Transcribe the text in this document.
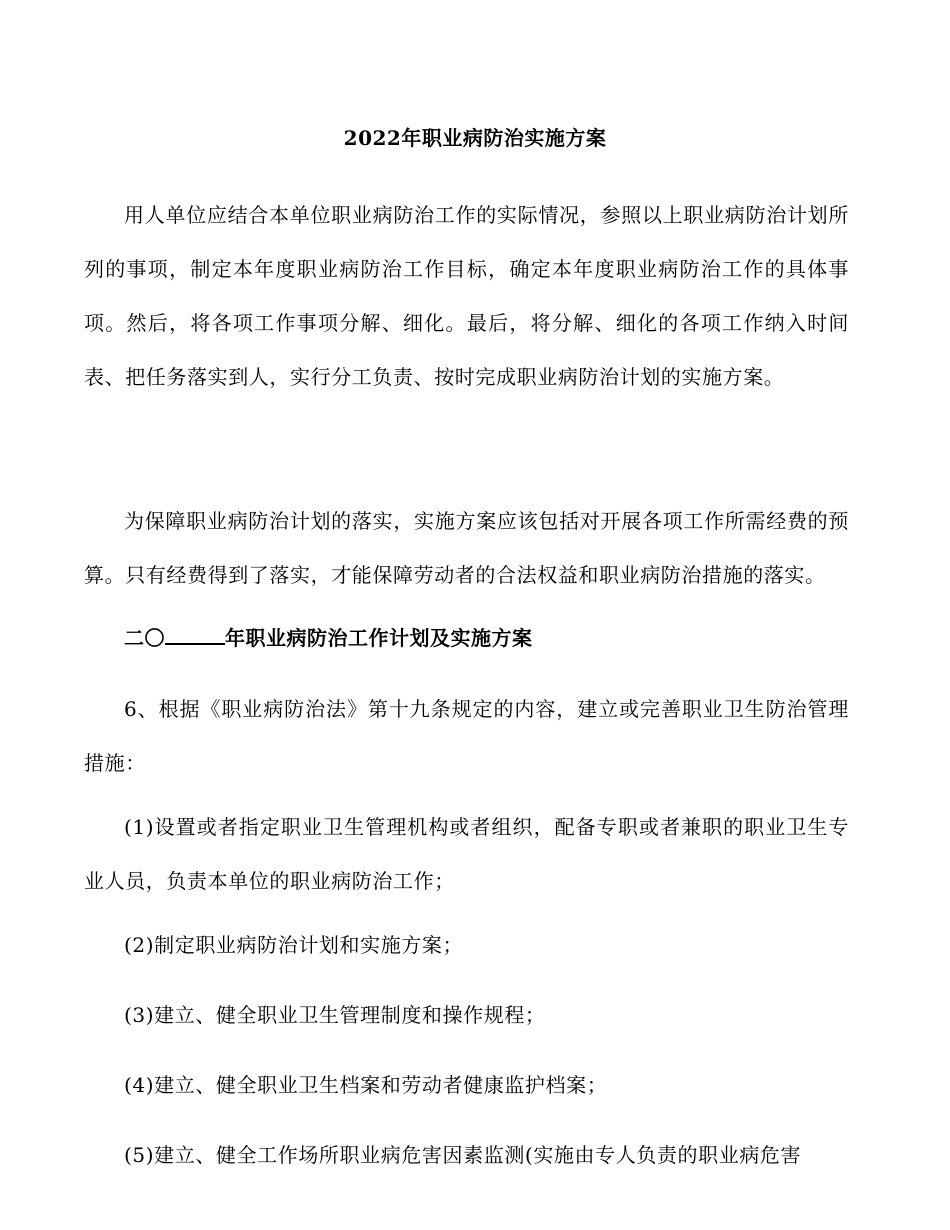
2022年职业病防治实施方案

用人单位应结合本单位职业病防治工作的实际情况，参照以上职业病防治计划所列的事项，制定本年度职业病防治工作目标，确定本年度职业病防治工作的具体事项。然后，将各项工作事项分解、细化。最后，将分解、细化的各项工作纳入时间表、把任务落实到人，实行分工负责、按时完成职业病防治计划的实施方案。

为保障职业病防治计划的落实，实施方案应该包括对开展各项工作所需经费的预算。只有经费得到了落实，才能保障劳动者的合法权益和职业病防治措施的落实。

二〇	年职业病防治工作计划及实施方案

6、根据《职业病防治法》第十九条规定的内容，建立或完善职业卫生防治管理措施：

(1)设置或者指定职业卫生管理机构或者组织，配备专职或者兼职的职业卫生专业人员，负责本单位的职业病防治工作；

(2)制定职业病防治计划和实施方案；

(3)建立、健全职业卫生管理制度和操作规程；

(4)建立、健全职业卫生档案和劳动者健康监护档案；

(5)建立、健全工作场所职业病危害因素监测(实施由专人负责的职业病危害
